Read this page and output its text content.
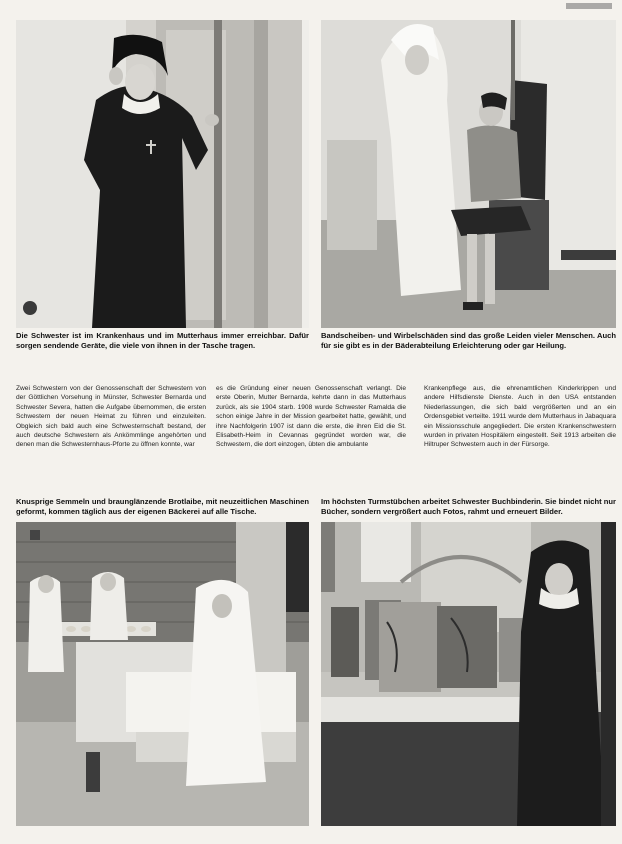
Die Schwester ist im Krankenhaus und im Mutterhaus immer erreichbar. Dafür sorgen sendende Geräte, die viele von ihnen in der Tasche tragen.
Bandscheiben- und Wirbelschäden sind das große Leiden vieler Menschen. Auch für sie gibt es in der Bäderabteilung Erleichterung oder gar Heilung.
Zwei Schwestern von der Genossenschaft der Schwestern von der Göttlichen Vorsehung in Münster, Schwester Bernarda und Schwester Severa, hatten die Aufgabe übernommen, die ersten Schwestern der neuen Heimat zu führen und einzuleiten. Obgleich sich bald auch eine Schwesternschaft bestand, der auch deutsche Schwestern als Ankömmlinge angehörten und denen man die Schwesternhaus-Pforte zu öffnen konnte, war
es die Gründung einer neuen Genossenschaft verlangt. Die erste Oberin, Mutter Bernarda, kehrte dann in das Mutterhaus zurück, als sie 1904 starb. 1908 wurde Schwester Ramalda die schon einige Jahre in der Mission gearbeitet hatte, gewählt, und ihre Nachfolgerin 1907 ist dann die erste, die ihren Eid die St. Elisabeth-Heim in Cevannas gegründet worden war, die Schwestern, die dort einzogen, übten die ambulante
Krankenpflege aus, die ehrenamtlichen Kinderkrippen und andere Hilfsdienste Dienste. Auch in den USA entstanden Niederlassungen, die sich bald vergrößerten und an ein Ordensgebiet verteilte. 1911 wurde dem Mutterhaus in Jabaquara ein Missionsschule angegliedert. Die ersten Krankenschwestern wurden in privaten Hospitälern eingestellt. Seit 1913 arbeiten die Hiltruper Schwestern auch in der Fürsorge.
Knusprige Semmeln und braunglänzende Brotlaibe, mit neuzeitlichen Maschinen geformt, kommen täglich aus der eigenen Bäckerei auf alle Tische.
Im höchsten Turmstübchen arbeitet Schwester Buchbinderin. Sie bindet nicht nur Bücher, sondern vergrößert auch Fotos, rahmt und erneuert Bilder.
